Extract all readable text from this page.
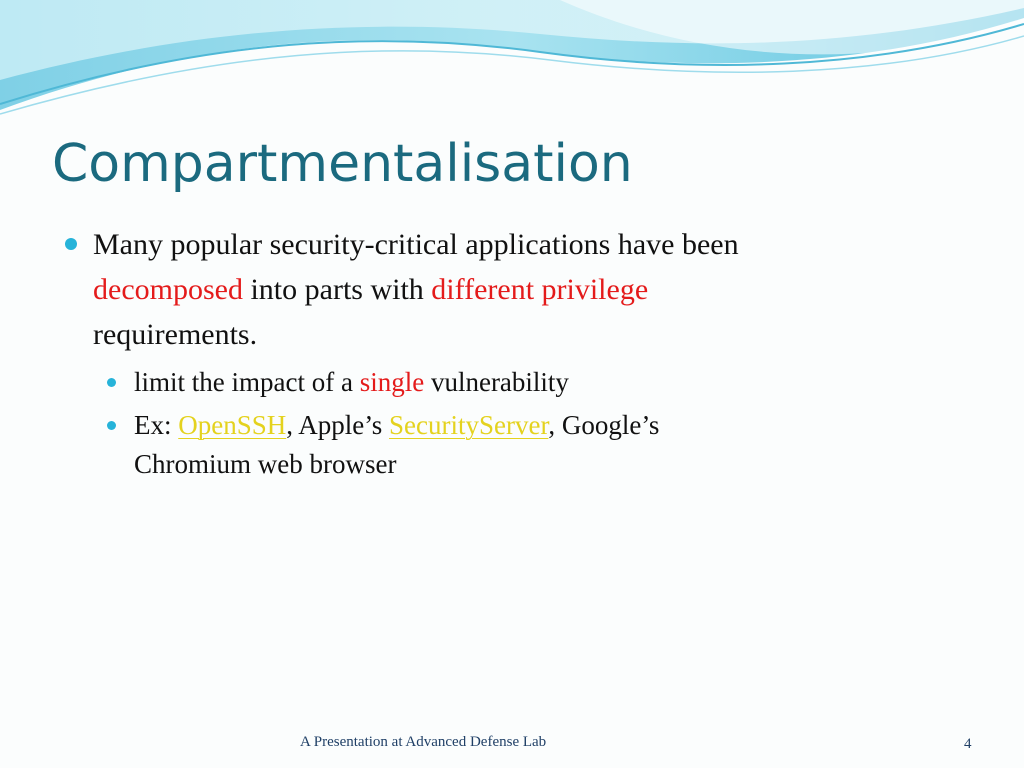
Compartmentalisation
Many popular security-critical applications have been
decomposed into parts with different privilege
requirements.
limit the impact of a single vulnerability
Ex: OpenSSH, Apple’s SecurityServer, Google’s
Chromium web browser
A Presentation at Advanced Defense Lab	4
